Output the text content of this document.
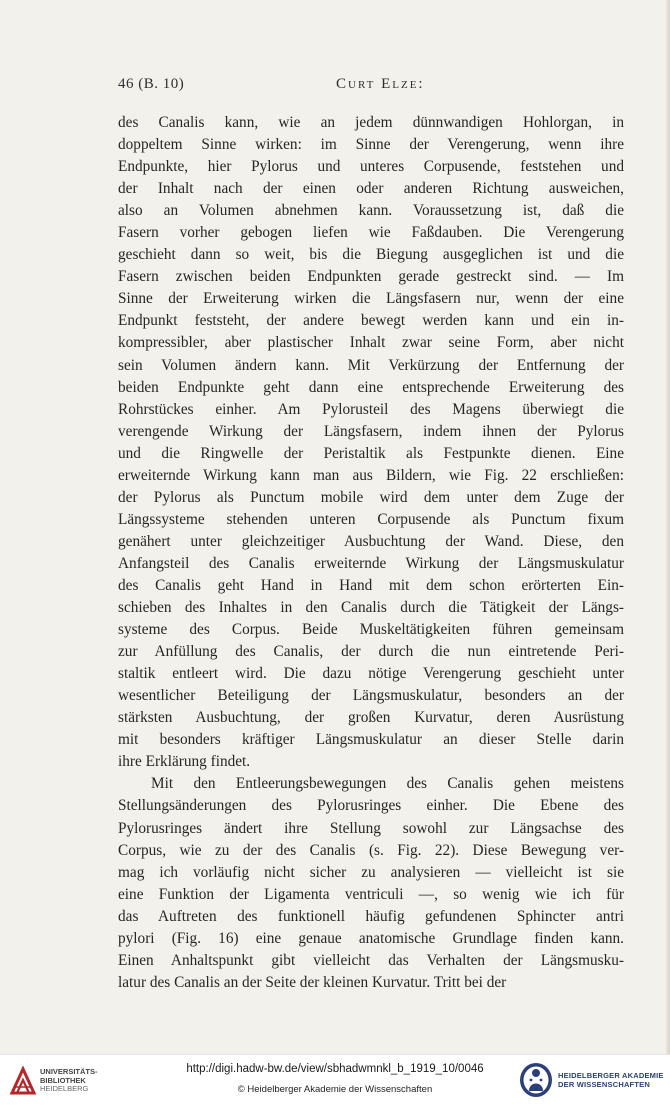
46 (B. 10)	Curt Elze:

des Canalis kann, wie an jedem dünnwandigen Hohlorgan, in
doppeltem Sinne wirken: im Sinne der Verengerung, wenn ihre
Endpunkte, hier Pylorus und unteres Corpusende, feststehen und
der Inhalt nach der einen oder anderen Richtung ausweichen,
also an Volumen abnehmen kann. Voraussetzung ist, daß die
Fasern vorher gebogen liefen wie Faßdauben. Die Verengerung
geschieht dann so weit, bis die Biegung ausgeglichen ist und die
Fasern zwischen beiden Endpunkten gerade gestreckt sind. — Im
Sinne der Erweiterung wirken die Längsfasern nur, wenn der eine
Endpunkt feststeht, der andere bewegt werden kann und ein in-
kompressibler, aber plastischer Inhalt zwar seine Form, aber nicht
sein Volumen ändern kann. Mit Verkürzung der Entfernung der
beiden Endpunkte geht dann eine entsprechende Erweiterung des
Rohrstückes einher. Am Pylorusteil des Magens überwiegt die
verengende Wirkung der Längsfasern, indem ihnen der Pylorus
und die Ringwelle der Peristaltik als Festpunkte dienen. Eine
erweiternde Wirkung kann man aus Bildern, wie Fig. 22 erschließen:
der Pylorus als Punctum mobile wird dem unter dem Zuge der
Längssysteme stehenden unteren Corpusende als Punctum fixum
genähert unter gleichzeitiger Ausbuchtung der Wand. Diese, den
Anfangsteil des Canalis erweiternde Wirkung der Längsmuskulatur
des Canalis geht Hand in Hand mit dem schon erörterten Ein-
schieben des Inhaltes in den Canalis durch die Tätigkeit der Längs-
systeme des Corpus. Beide Muskeltätigkeiten führen gemeinsam
zur Anfüllung des Canalis, der durch die nun eintretende Peri-
staltik entleert wird. Die dazu nötige Verengerung geschieht unter
wesentlicher Beteiligung der Längsmuskulatur, besonders an der
stärksten Ausbuchtung, der großen Kurvatur, deren Ausrüstung
mit besonders kräftiger Längsmuskulatur an dieser Stelle darin
ihre Erklärung findet.

Mit den Entleerungsbewegungen des Canalis gehen meistens
Stellungsänderungen des Pylorusringes einher. Die Ebene des
Pylorusringes ändert ihre Stellung sowohl zur Längsachse des
Corpus, wie zu der des Canalis (s. Fig. 22). Diese Bewegung ver-
mag ich vorläufig nicht sicher zu analysieren — vielleicht ist sie
eine Funktion der Ligamenta ventriculi —, so wenig wie ich für
das Auftreten des funktionell häufig gefundenen Sphincter antri
pylori (Fig. 16) eine genaue anatomische Grundlage finden kann.
Einen Anhaltspunkt gibt vielleicht das Verhalten der Längsmusku-
latur des Canalis an der Seite der kleinen Kurvatur. Tritt bei der

UNIVERSITÄTS-
BIBLIOTHEK
HEIDELBERG
http://digi.hadw-bw.de/view/sbhadwmnkl_b_1919_10/0046
© Heidelberger Akademie der Wissenschaften
HEIDELBERGER AKADEMIE
DER WISSENSCHAFTEN
